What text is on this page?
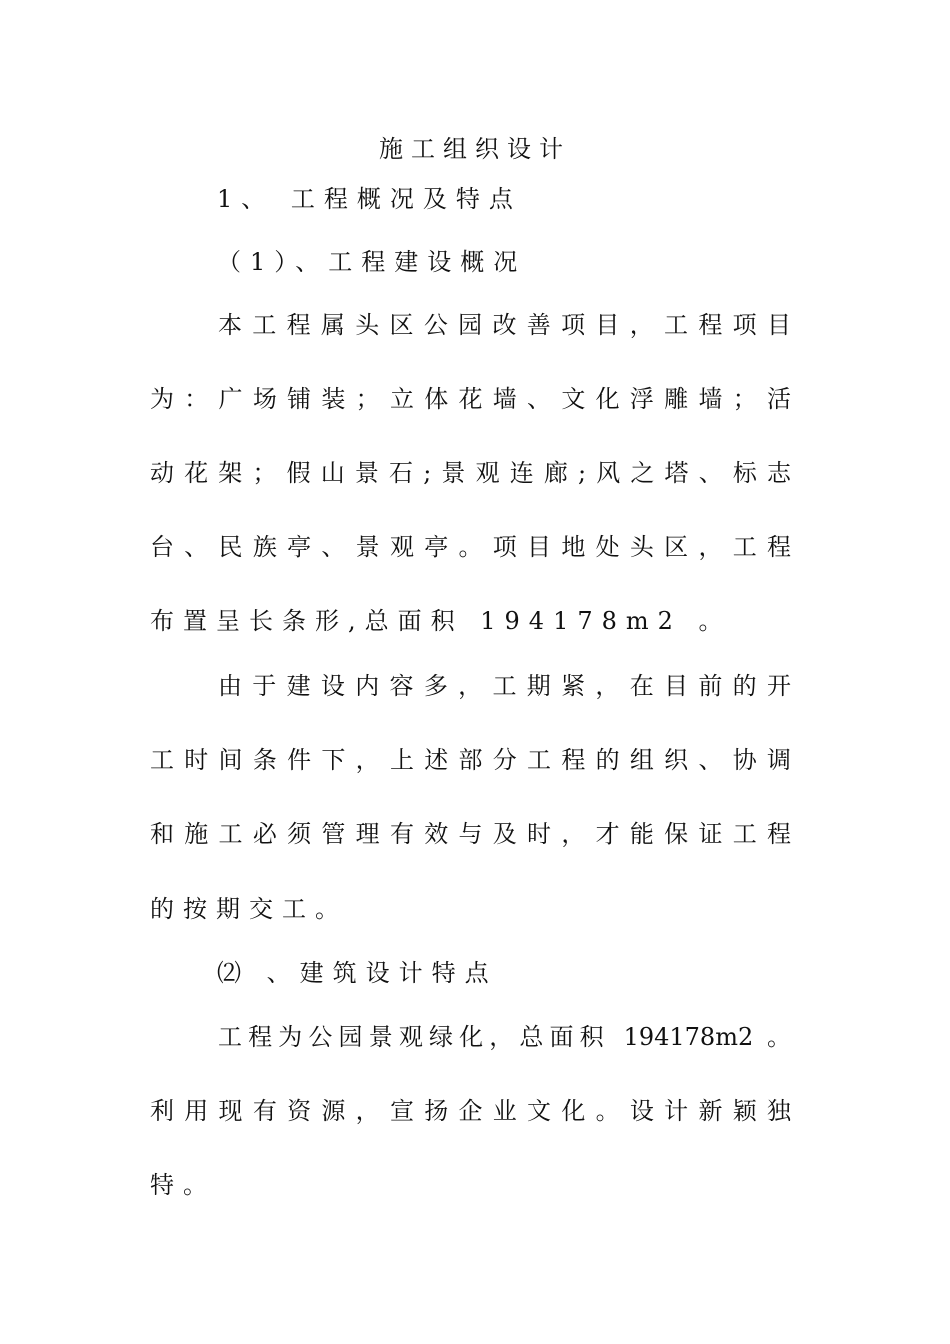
施工组织设计
1、 工程概况及特点
（1）、工程建设概况
本工程属头区公园改善项目，工程项目
为：广场铺装；立体花墙、文化浮雕墙；活
动花架；假山景石;景观连廊;风之塔、标志
台、民族亭、景观亭。项目地处头区，工程
布置呈长条形,总面积 194178m2 。
由于建设内容多，工期紧，在目前的开
工时间条件下，上述部分工程的组织、协调
和施工必须管理有效与及时，才能保证工程
的按期交工。
⑵ 、建筑设计特点
工程为公园景观绿化，总面积 194178m2 。
利用现有资源，宣扬企业文化。设计新颖独
特。
